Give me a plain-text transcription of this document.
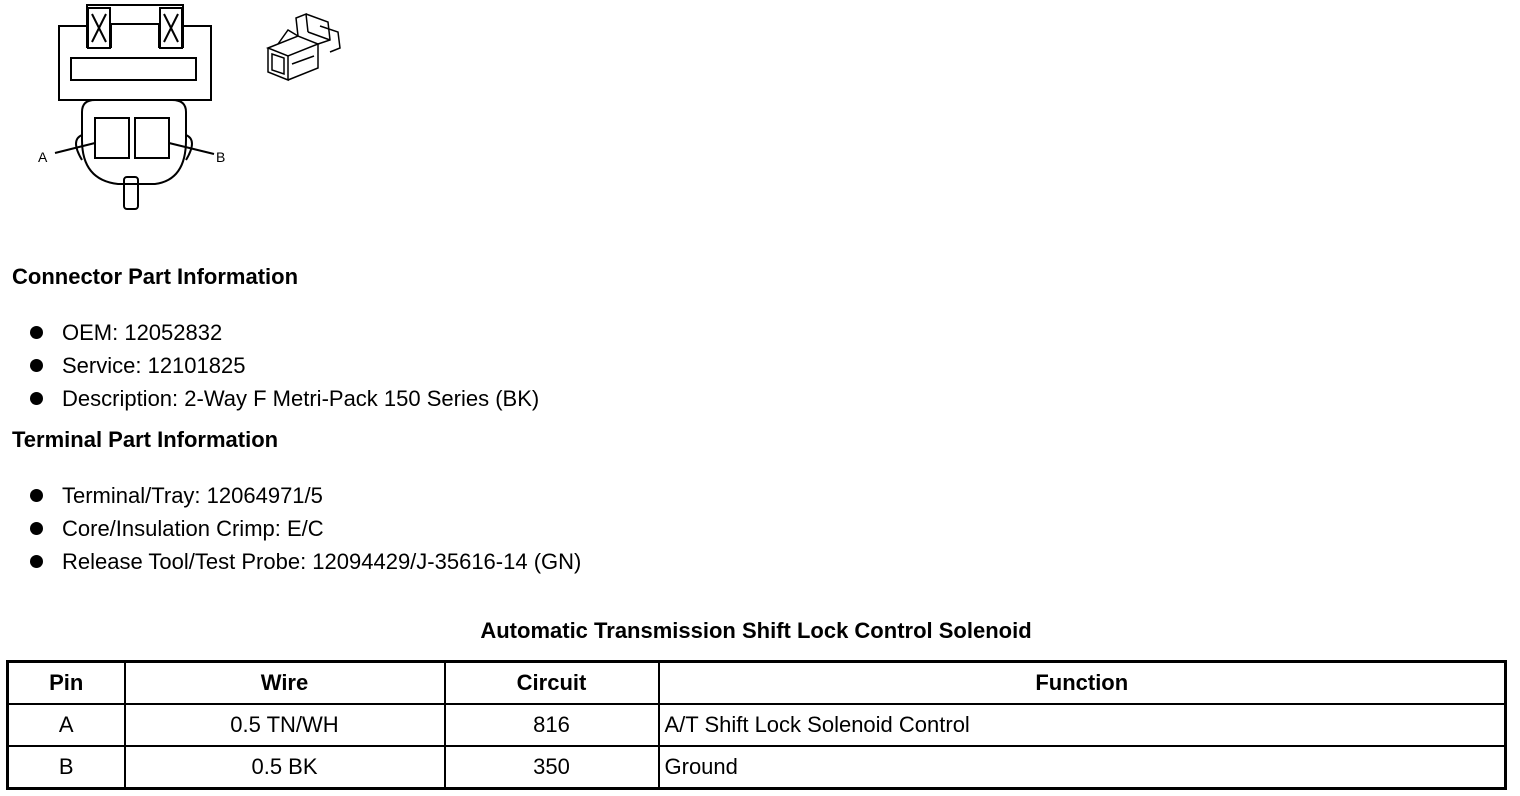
A	B
Connector Part Information
OEM: 12052832
Service: 12101825
Description: 2-Way F Metri-Pack 150 Series (BK)
Terminal Part Information
Terminal/Tray: 12064971/5
Core/Insulation Crimp: E/C
Release Tool/Test Probe: 12094429/J-35616-14 (GN)
Automatic Transmission Shift Lock Control Solenoid
Pin	Wire	Circuit	Function
A	0.5 TN/WH	816	A/T Shift Lock Solenoid Control
B	0.5 BK	350	Ground
